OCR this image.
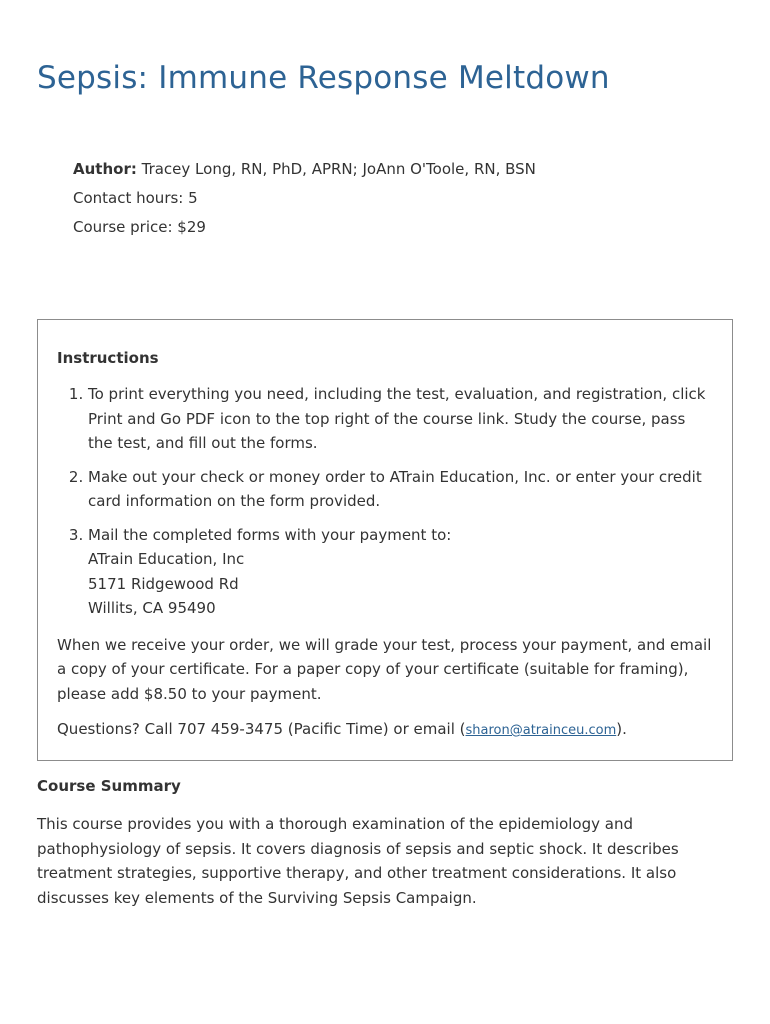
Sepsis: Immune Response Meltdown
Author: Tracey Long, RN, PhD, APRN; JoAnn O'Toole, RN, BSN
Contact hours: 5
Course price: $29
Instructions
1. To print everything you need, including the test, evaluation, and registration, click Print and Go PDF icon to the top right of the course link. Study the course, pass the test, and fill out the forms.
2. Make out your check or money order to ATrain Education, Inc. or enter your credit card information on the form provided.
3. Mail the completed forms with your payment to:
ATrain Education, Inc
5171 Ridgewood Rd
Willits, CA 95490

When we receive your order, we will grade your test, process your payment, and email a copy of your certificate. For a paper copy of your certificate (suitable for framing), please add $8.50 to your payment.

Questions? Call 707 459-3475 (Pacific Time) or email (sharon@atrainceu.com).

Course Summary

This course provides you with a thorough examination of the epidemiology and pathophysiology of sepsis. It covers diagnosis of sepsis and septic shock. It describes treatment strategies, supportive therapy, and other treatment considerations. It also discusses key elements of the Surviving Sepsis Campaign.
